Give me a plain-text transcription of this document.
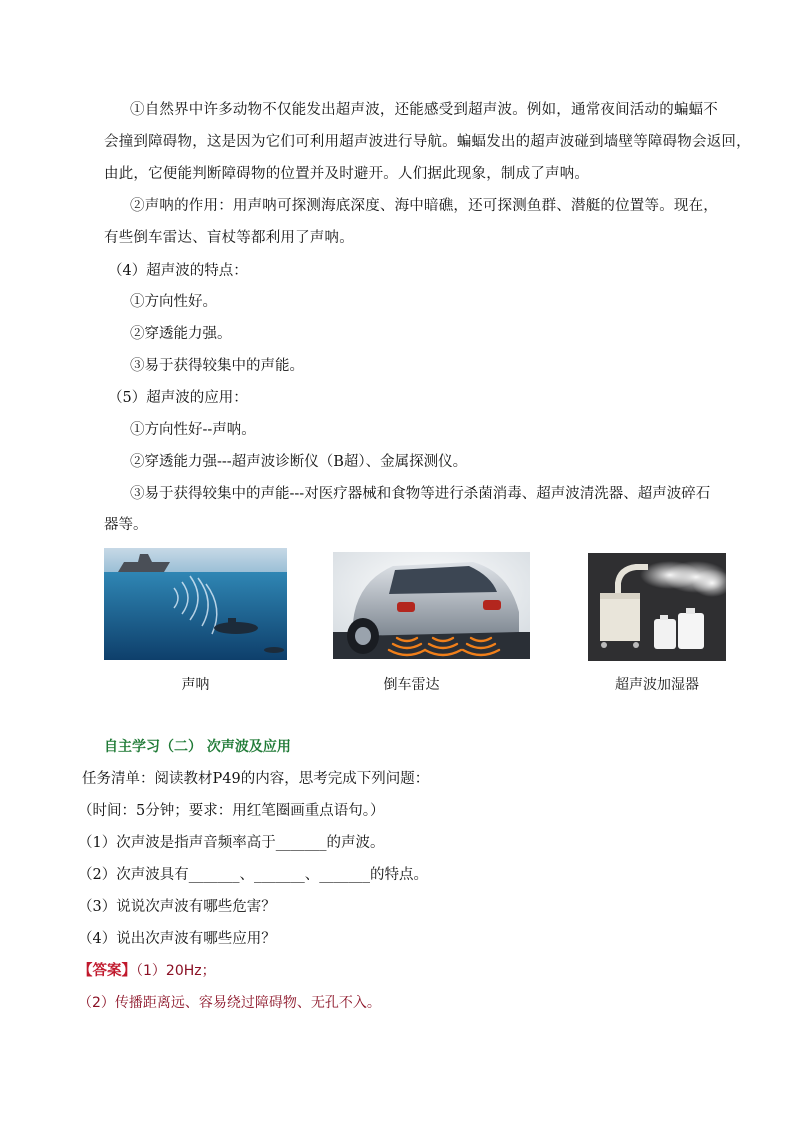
①自然界中许多动物不仅能发出超声波，还能感受到超声波。例如，通常夜间活动的蝙蝠不
会撞到障碍物，这是因为它们可利用超声波进行导航。蝙蝠发出的超声波碰到墙壁等障碍物会返回，
由此，它便能判断障碍物的位置并及时避开。人们据此现象，制成了声呐。
②声呐的作用：用声呐可探测海底深度、海中暗礁，还可探测鱼群、潜艇的位置等。现在，
有些倒车雷达、盲杖等都利用了声呐。
（4）超声波的特点：
①方向性好。
②穿透能力强。
③易于获得较集中的声能。
（5）超声波的应用：
①方向性好--声呐。
②穿透能力强---超声波诊断仪（B超）、金属探测仪。
③易于获得较集中的声能---对医疗器械和食物等进行杀菌消毒、超声波清洗器、超声波碎石
器等。
声呐	倒车雷达	超声波加湿器
自主学习（二） 次声波及应用
任务清单：阅读教材P49的内容，思考完成下列问题：
（时间：5分钟；要求：用红笔圈画重点语句。）
（1）次声波是指声音频率高于_______的声波。
（2）次声波具有_______、_______、_______的特点。
（3）说说次声波有哪些危害？
（4）说出次声波有哪些应用？
【答案】（1）20Hz；
（2）传播距离远、容易绕过障碍物、无孔不入。
